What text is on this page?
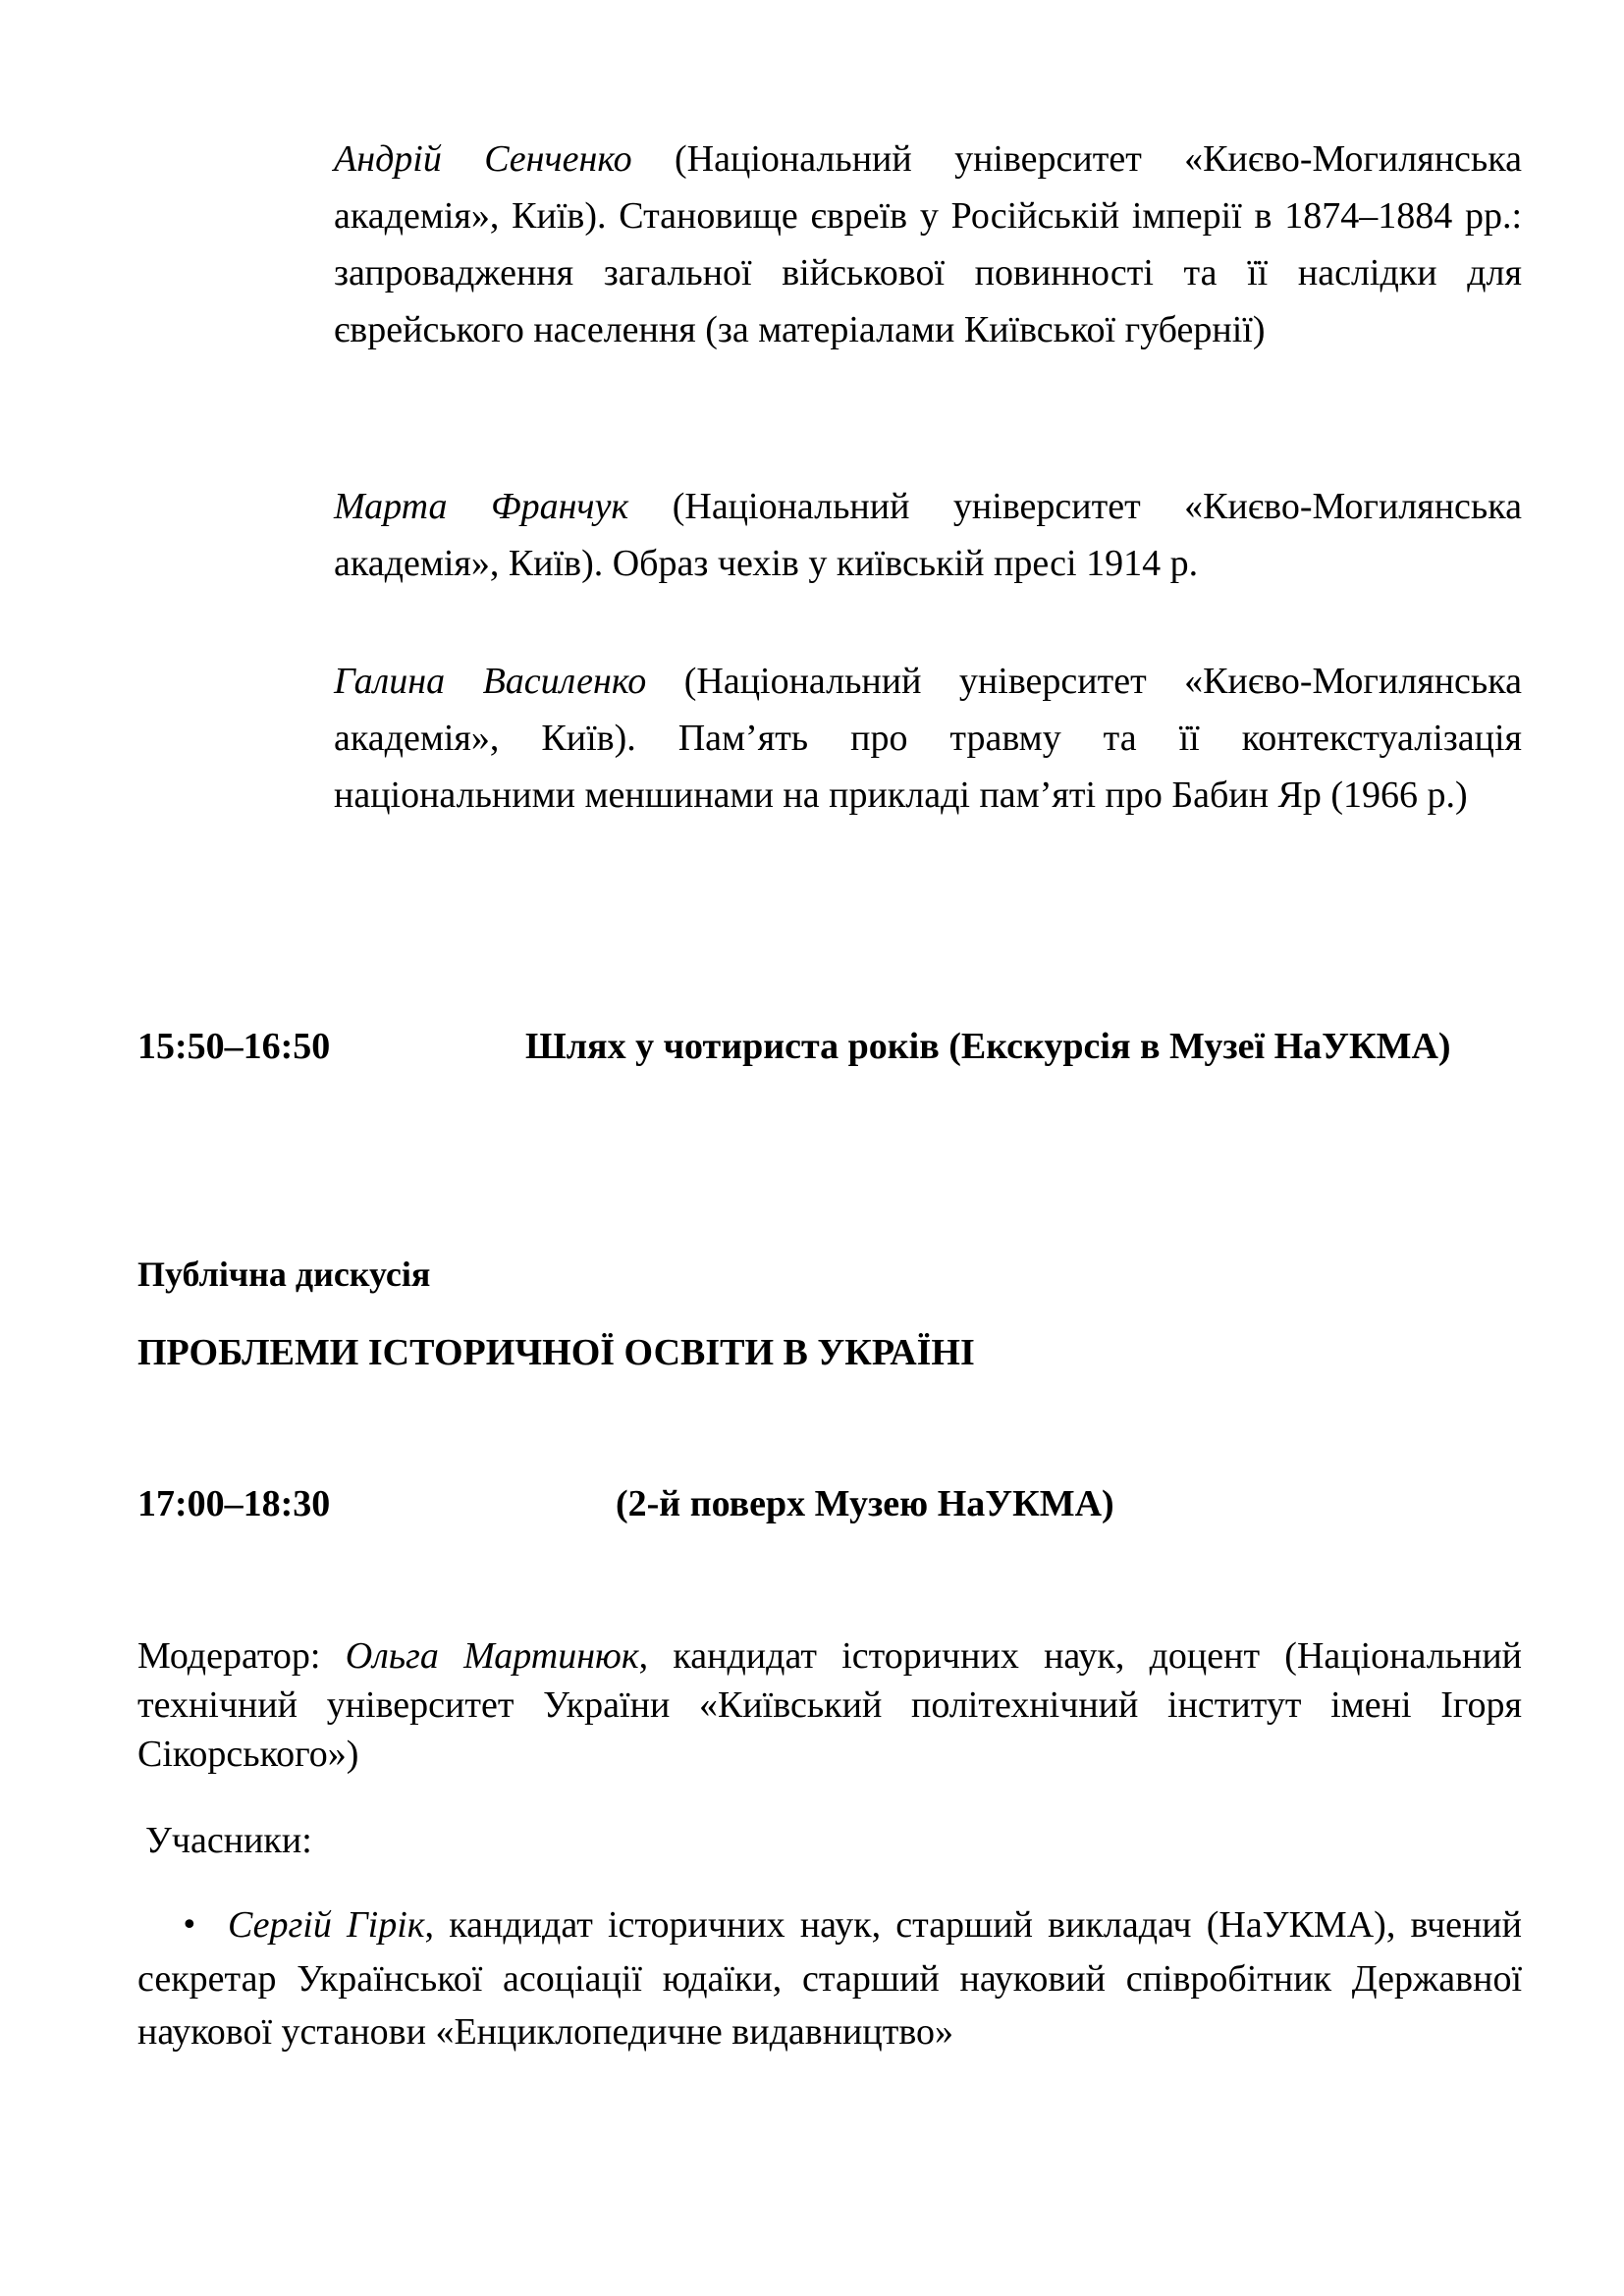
Андрій Сенченко (Національний університет «Києво-Могилянська академія», Київ). Становище євреїв у Російській імперії в 1874–1884 рр.: запровадження загальної військової повинності та її наслідки для єврейського населення (за матеріалами Київської губернії)

Марта Франчук (Національний університет «Києво-Могилянська академія», Київ). Образ чехів у київській пресі 1914 р.

Галина Василенко (Національний університет «Києво-Могилянська академія», Київ). Пам’ять про травму та її контекстуалізація національними меншинами на прикладі пам’яті про Бабин Яр (1966 р.)

15:50–16:50	Шлях у чотириста років (Екскурсія в Музеї НаУКМА)
Публічна дискусія
ПРОБЛЕМИ ІСТОРИЧНОЇ ОСВІТИ В УКРАЇНІ
17:00–18:30	(2-й поверх Музею НаУКМА)

Модератор: Ольга Мартинюк, кандидат історичних наук, доцент (Національний технічний університет України «Київський політехнічний інститут імені Ігоря Сікорського»)

Учасники:

• Сергій Гірік, кандидат історичних наук, старший викладач (НаУКМА), вчений секретар Української асоціації юдаїки, старший науковий співробітник Державної наукової установи «Енциклопедичне видавництво»
